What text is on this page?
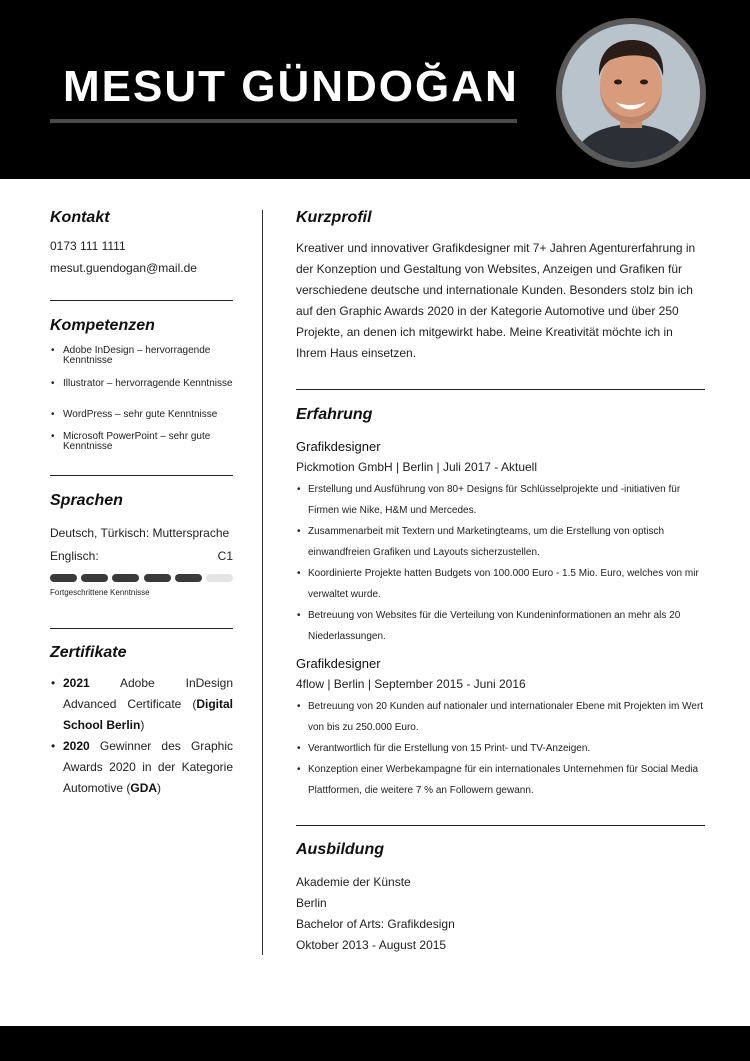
MESUT GÜNDOĞAN
Kontakt
0173 111 1111
mesut.guendogan@mail.de
Kompetenzen
• Adobe InDesign – hervorragende Kenntnisse
• Illustrator – hervorragende Kenntnisse
• WordPress – sehr gute Kenntnisse
• Microsoft PowerPoint – sehr gute Kenntnisse
Sprachen
Deutsch, Türkisch: Muttersprache
Englisch:	C1
Fortgeschrittene Kenntnisse
Zertifikate
• 2021 Adobe InDesign Advanced Certificate (Digital School Berlin)
• 2020 Gewinner des Graphic Awards 2020 in der Kategorie Automotive (GDA)
Kurzprofil
Kreativer und innovativer Grafikdesigner mit 7+ Jahren Agenturerfahrung in der Konzeption und Gestaltung von Websites, Anzeigen und Grafiken für verschiedene deutsche und internationale Kunden. Besonders stolz bin ich auf den Graphic Awards 2020 in der Kategorie Automotive und über 250 Projekte, an denen ich mitgewirkt habe. Meine Kreativität möchte ich in Ihrem Haus einsetzen.
Erfahrung
Grafikdesigner
Pickmotion GmbH | Berlin | Juli 2017 - Aktuell
• Erstellung und Ausführung von 80+ Designs für Schlüsselprojekte und -initiativen für Firmen wie Nike, H&M und Mercedes.
• Zusammenarbeit mit Textern und Marketingteams, um die Erstellung von optisch einwandfreien Grafiken und Layouts sicherzustellen.
• Koordinierte Projekte hatten Budgets von 100.000 Euro - 1.5 Mio. Euro, welches von mir verwaltet wurde.
• Betreuung von Websites für die Verteilung von Kundeninformationen an mehr als 20 Niederlassungen.
Grafikdesigner
4flow | Berlin | September 2015 - Juni 2016
• Betreuung von 20 Kunden auf nationaler und internationaler Ebene mit Projekten im Wert von bis zu 250.000 Euro.
• Verantwortlich für die Erstellung von 15 Print- und TV-Anzeigen.
• Konzeption einer Werbekampagne für ein internationales Unternehmen für Social Media Plattformen, die weitere 7 % an Followern gewann.
Ausbildung
Akademie der Künste
Berlin
Bachelor of Arts: Grafikdesign
Oktober 2013 - August 2015
